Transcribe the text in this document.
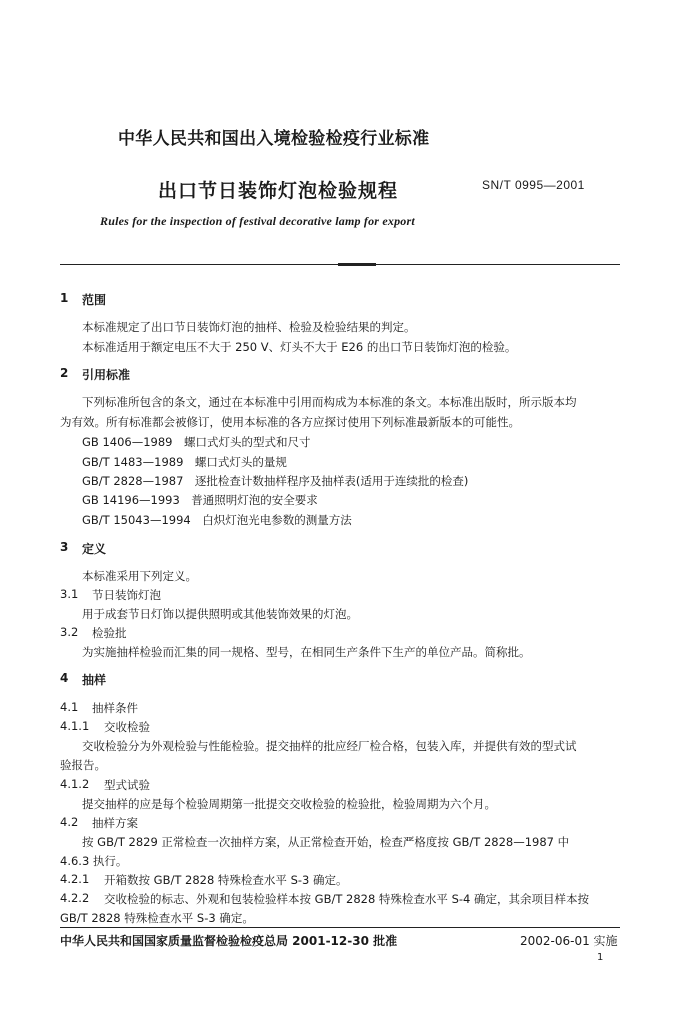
中华人民共和国出入境检验检疫行业标准
出口节日装饰灯泡检验规程	SN/T 0995—2001
Rules for the inspection of festival decorative lamp for export
1 范围
本标准规定了出口节日装饰灯泡的抽样、检验及检验结果的判定。
本标准适用于额定电压不大于 250 V、灯头不大于 E26 的出口节日装饰灯泡的检验。
2 引用标准
下列标准所包含的条文，通过在本标准中引用而构成为本标准的条文。本标准出版时，所示版本均
为有效。所有标准都会被修订，使用本标准的各方应探讨使用下列标准最新版本的可能性。
GB 1406—1989　螺口式灯头的型式和尺寸
GB/T 1483—1989　螺口式灯头的量规
GB/T 2828—1987　逐批检查计数抽样程序及抽样表(适用于连续批的检查)
GB 14196—1993　普通照明灯泡的安全要求
GB/T 15043—1994　白炽灯泡光电参数的测量方法
3 定义
本标准采用下列定义。
3.1 节日装饰灯泡
用于成套节日灯饰以提供照明或其他装饰效果的灯泡。
3.2 检验批
为实施抽样检验而汇集的同一规格、型号，在相同生产条件下生产的单位产品。简称批。
4 抽样
4.1 抽样条件
4.1.1 交收检验
交收检验分为外观检验与性能检验。提交抽样的批应经厂检合格，包装入库，并提供有效的型式试
验报告。
4.1.2 型式试验
提交抽样的应是每个检验周期第一批提交交收检验的检验批，检验周期为六个月。
4.2 抽样方案
按 GB/T 2829 正常检查一次抽样方案，从正常检查开始，检查严格度按 GB/T 2828—1987 中
4.6.3 执行。
4.2.1 开箱数按 GB/T 2828 特殊检查水平 S-3 确定。
4.2.2 交收检验的标志、外观和包装检验样本按 GB/T 2828 特殊检查水平 S-4 确定，其余项目样本按
GB/T 2828 特殊检查水平 S-3 确定。
中华人民共和国国家质量监督检验检疫总局 2001-12-30 批准	2002-06-01 实施
1
